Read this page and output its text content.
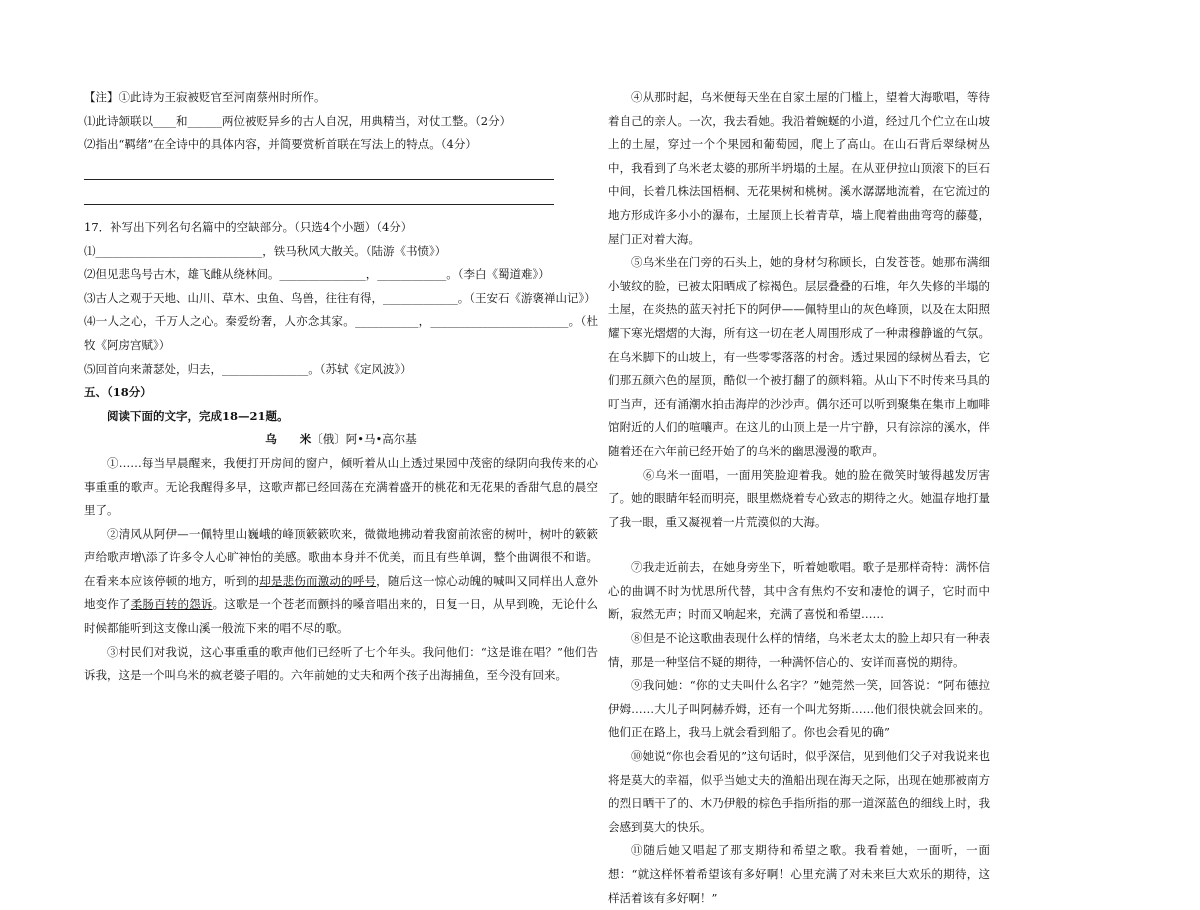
【注】①此诗为王寂被贬官至河南蔡州时所作。

⑴此诗颔联以____和______两位被贬异乡的古人自况，用典精当，对仗工整。（2分）

⑵指出“羁绪”在全诗中的具体内容，并简要赏析首联在写法上的特点。（4分）

17．补写出下列名句名篇中的空缺部分。（只选4个小题）（4分）

⑴_____________________________，铁马秋风大散关。（陆游《书愤》）

⑵但见悲鸟号古木，雄飞雌从绕林间。_______________，____________。（李白《蜀道难》）

⑶古人之观于天地、山川、草木、虫鱼、鸟兽，往往有得，_____________。（王安石《游褒禅山记》）

⑷一人之心，千万人之心。秦爱纷奢，人亦念其家。___________，________________________。（杜牧《阿房宫赋》）

⑸回首向来萧瑟处，归去，_______________。（苏轼《定风波》）

五、（18分）

阅读下面的文字，完成18—21题。

乌　　米〔俄〕阿•马•高尔基

①……每当早晨醒来，我便打开房间的窗户，倾听着从山上透过果园中茂密的绿阴向我传来的心事重重的歌声。无论我醒得多早，这歌声都已经回荡在充满着盛开的桃花和无花果的香甜气息的晨空里了。

②清风从阿伊—一佩特里山巍峨的峰顶簌簌吹来，微微地拂动着我窗前浓密的树叶，树叶的簌簌声给歌声增\添了许多令人心旷神怡的美感。歌曲本身并不优美，而且有些单调，整个曲调很不和谐。在看来本应该停顿的地方，听到的却是悲伤而激动的呼号，随后这一惊心动魄的喊叫又同样出人意外地变作了柔肠百转的怨诉。这歌是一个苍老而颤抖的嗓音唱出来的，日复一日，从早到晚，无论什么时候都能听到这支像山溪一般流下来的唱不尽的歌。

③村民们对我说，这心事重重的歌声他们已经听了七个年头。我问他们：“这是谁在唱？”他们告诉我，这是一个叫乌米的疯老婆子唱的。六年前她的丈夫和两个孩子出海捕鱼，至今没有回来。

④从那时起，乌米便每天坐在自家土屋的门槛上，望着大海歌唱，等待着自己的亲人。一次，我去看她。我沿着蜿蜒的小道，经过几个伫立在山坡上的土屋，穿过一个个果园和葡萄园，爬上了高山。在山石背后翠绿树丛中，我看到了乌米老太婆的那所半坍塌的土屋。在从亚伊拉山顶滚下的巨石中间，长着几株法国梧桐、无花果树和桃树。溪水潺潺地流着，在它流过的地方形成许多小小的瀑布，土屋顶上长着青草，墙上爬着曲曲弯弯的藤蔓，屋门正对着大海。

⑤乌米坐在门旁的石头上，她的身材匀称顾长，白发苍苍。她那布满细小皱纹的脸，已被太阳晒成了棕褐色。层层叠叠的石堆，年久失修的半塌的土屋，在炎热的蓝天衬托下的阿伊——佩特里山的灰色峰顶，以及在太阳照耀下寒光熠熠的大海，所有这一切在老人周围形成了一种肃穆静谧的气氛。在乌米脚下的山坡上，有一些零零落落的村舍。透过果园的绿树丛看去，它们那五颜六色的屋顶，酷似一个被打翻了的颜料箱。从山下不时传来马具的叮当声，还有涌潮水拍击海岸的沙沙声。偶尔还可以听到聚集在集市上咖啡馆附近的人们的喧嚷声。在这儿的山顶上是一片宁静，只有淙淙的溪水，伴随着还在六年前已经开始了的乌米的幽思漫漫的歌声。

　⑥乌米一面唱，一面用笑脸迎着我。她的脸在微笑时皱得越发厉害了。她的眼睛年轻而明亮，眼里燃烧着专心致志的期待之火。她温存地打量了我一眼，重又凝视着一片荒漠似的大海。

⑦我走近前去，在她身旁坐下，听着她歌唱。歌子是那样奇特：满怀信心的曲调不时为忧思所代替，其中含有焦灼不安和凄怆的调子，它时而中断，寂然无声；时而又响起来，充满了喜悦和希望……

⑧但是不论这歌曲表现什么样的情绪，乌米老太太的脸上却只有一种表情，那是一种坚信不疑的期待，一种满怀信心的、安详而喜悦的期待。

⑨我问她：“你的丈夫叫什么名字？”她莞然一笑，回答说：“阿布德拉伊姆……大儿子叫阿赫乔姆，还有一个叫尤努斯……他们很快就会回来的。他们正在路上，我马上就会看到船了。你也会看见的确”

⑩她说“你也会看见的”这句话时，似乎深信，见到他们父子对我说来也将是莫大的幸福，似乎当她丈夫的渔船出现在海天之际，出现在她那被南方的烈日晒干了的、木乃伊般的棕色手指所指的那一道深蓝色的细线上时，我会感到莫大的快乐。

⑪随后她又唱起了那支期待和希望之歌。我看着她，一面听，一面想：“就这样怀着希望该有多好啊！心里充满了对未来巨大欢乐的期待，这样活着该有多好啊！”
